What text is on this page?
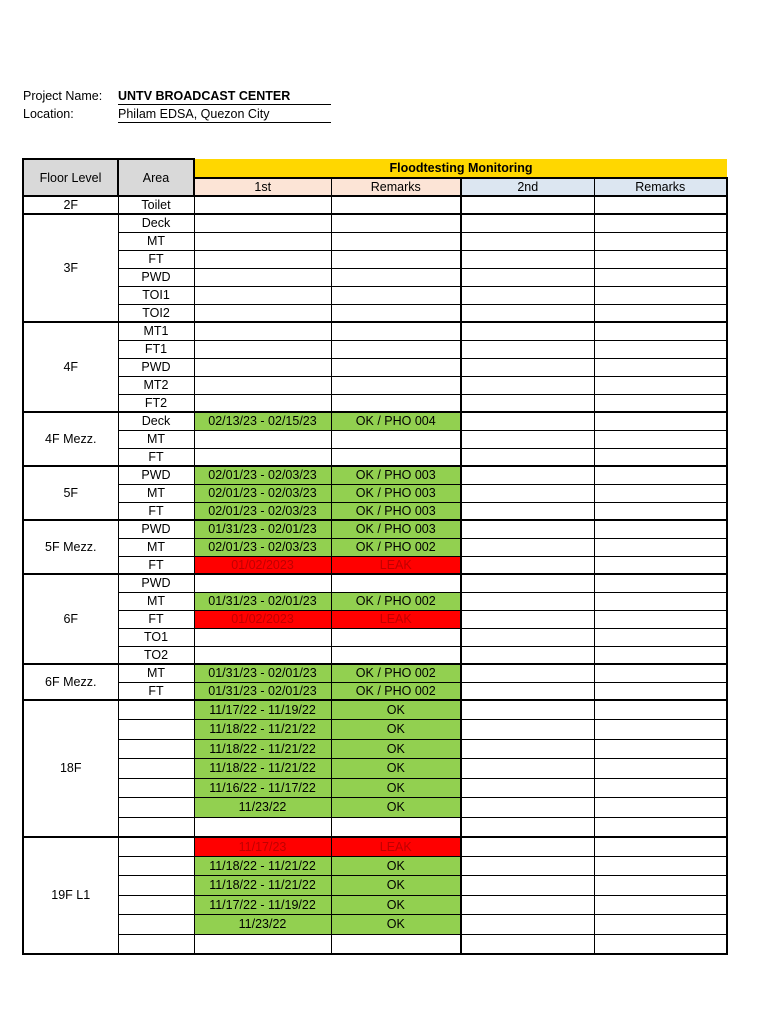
Project Name: UNTV BROADCAST CENTER
Location:	Philam EDSA, Quezon City
Floor Level	Area	Floodtesting Monitoring			
		1st	Remarks	2nd	Remarks
2F	Toilet				
3F	Deck				
	MT				
	FT				
	PWD				
	TOI1				
	TOI2				
4F	MT1				
	FT1				
	PWD				
	MT2				
	FT2				
4F Mezz.	Deck	02/13/23 - 02/15/23	OK / PHO 004		
	MT				
	FT				
5F	PWD	02/01/23 - 02/03/23	OK / PHO 003		
	MT	02/01/23 - 02/03/23	OK / PHO 003		
	FT	02/01/23 - 02/03/23	OK / PHO 003		
5F Mezz.	PWD	01/31/23 - 02/01/23	OK / PHO 003		
	MT	02/01/23 - 02/03/23	OK / PHO 002		
	FT	01/02/2023	LEAK		
6F	PWD				
	MT	01/31/23 - 02/01/23	OK / PHO 002		
	FT	01/02/2023	LEAK		
	TO1				
	TO2				
6F Mezz.	MT	01/31/23 - 02/01/23	OK / PHO 002		
	FT	01/31/23 - 02/01/23	OK / PHO 002		
18F		11/17/22 - 11/19/22	OK		
		11/18/22 - 11/21/22	OK		
		11/18/22 - 11/21/22	OK		
		11/18/22 - 11/21/22	OK		
		11/16/22 - 11/17/22	OK		
		11/23/22	OK		

19F L1		11/17/23	LEAK		
		11/18/22 - 11/21/22	OK		
		11/18/22 - 11/21/22	OK		
		11/17/22 - 11/19/22	OK		
		11/23/22	OK		
